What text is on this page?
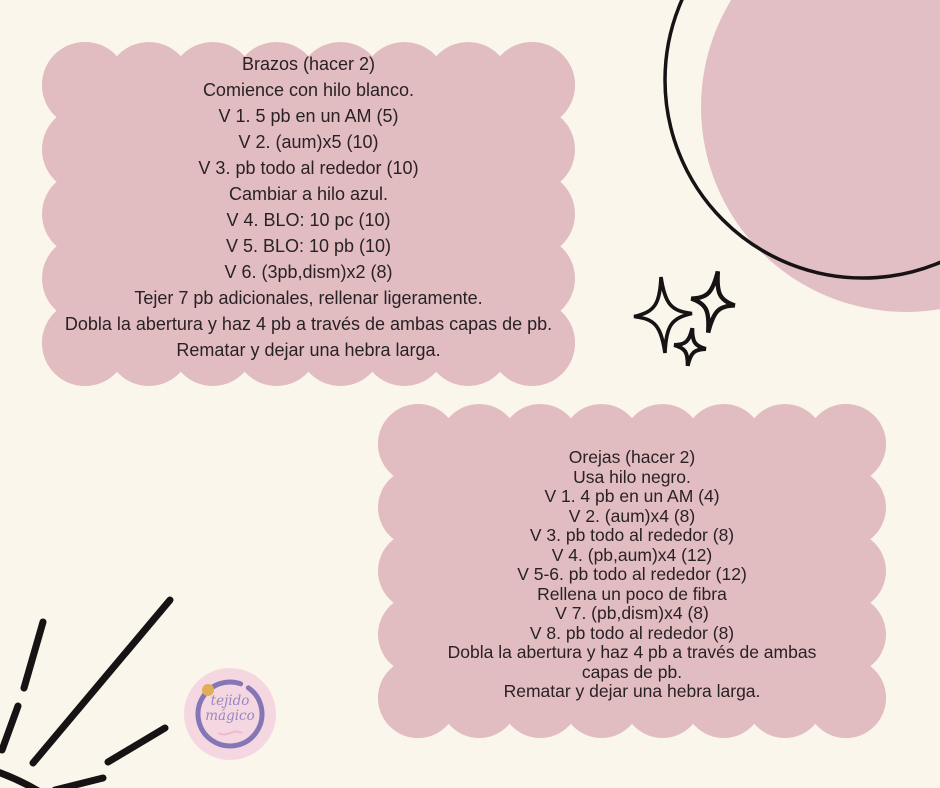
Brazos (hacer 2)
Comience con hilo blanco.
V 1. 5 pb en un AM (5)
V 2. (aum)x5 (10)
V 3. pb todo al rededor (10)
Cambiar a hilo azul.
V 4. BLO: 10 pc (10)
V 5. BLO: 10 pb (10)
V 6. (3pb,dism)x2 (8)
Tejer 7 pb adicionales, rellenar ligeramente.
Dobla la abertura y haz 4 pb a través de ambas capas de pb.
Rematar y dejar una hebra larga.
Orejas (hacer 2)
Usa hilo negro.
V 1. 4 pb en un AM (4)
V 2. (aum)x4 (8)
V 3. pb todo al rededor (8)
V 4. (pb,aum)x4 (12)
V 5-6. pb todo al rededor (12)
Rellena un poco de fibra
V 7. (pb,dism)x4 (8)
V 8. pb todo al rededor (8)
Dobla la abertura y haz 4 pb a través de ambas
capas de pb.
Rematar y dejar una hebra larga.
tejido
mágico
